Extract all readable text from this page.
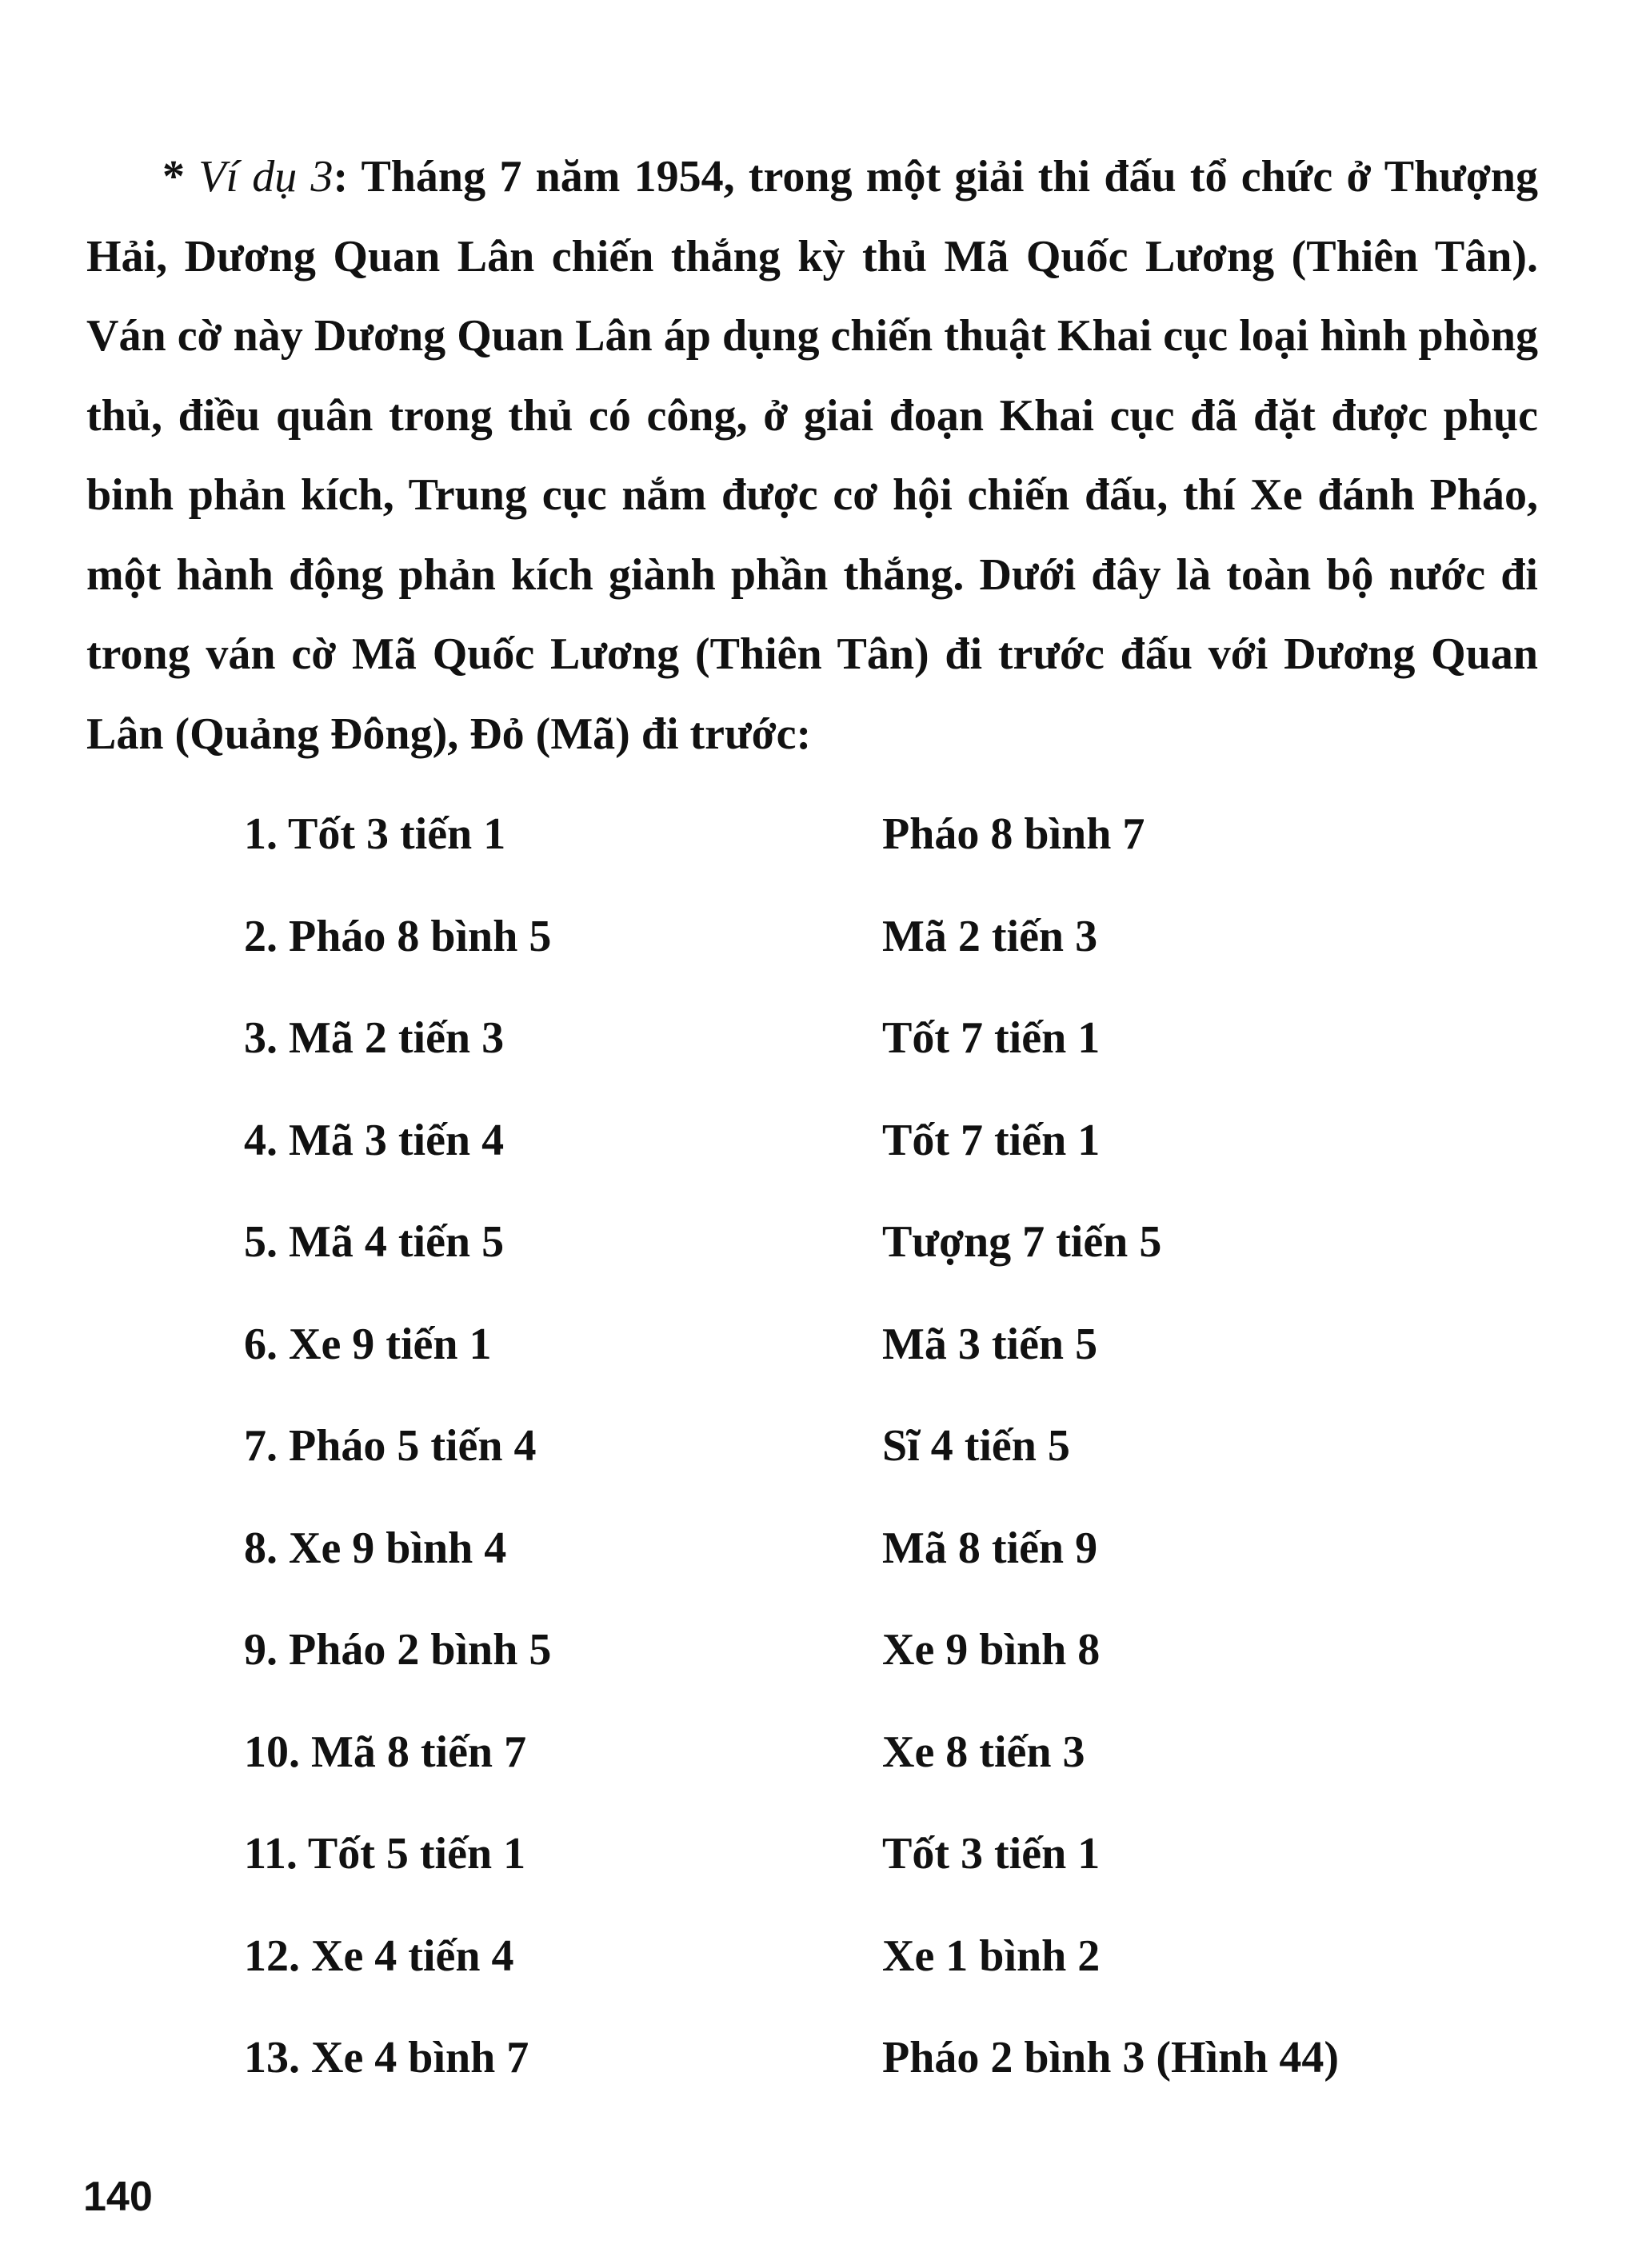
* Ví dụ 3: Tháng 7 năm 1954, trong một giải thi đấu tổ chức ở Thượng Hải, Dương Quan Lân chiến thắng kỳ thủ Mã Quốc Lương (Thiên Tân). Ván cờ này Dương Quan Lân áp dụng chiến thuật Khai cục loại hình phòng thủ, điều quân trong thủ có công, ở giai đoạn Khai cục đã đặt được phục binh phản kích, Trung cục nắm được cơ hội chiến đấu, thí Xe đánh Pháo, một hành động phản kích giành phần thắng. Dưới đây là toàn bộ nước đi trong ván cờ Mã Quốc Lương (Thiên Tân) đi trước đấu với Dương Quan Lân (Quảng Đông), Đỏ (Mã) đi trước:

1. Tốt 3 tiến 1	Pháo 8 bình 7
2. Pháo 8 bình 5	Mã 2 tiến 3
3. Mã 2 tiến 3	Tốt 7 tiến 1
4. Mã 3 tiến 4	Tốt 7 tiến 1
5. Mã 4 tiến 5	Tượng 7 tiến 5
6. Xe 9 tiến 1	Mã 3 tiến 5
7. Pháo 5 tiến 4	Sĩ 4 tiến 5
8. Xe 9 bình 4	Mã 8 tiến 9
9. Pháo 2 bình 5	Xe 9 bình 8
10. Mã 8 tiến 7	Xe 8 tiến 3
11. Tốt 5 tiến 1	Tốt 3 tiến 1
12. Xe 4 tiến 4	Xe 1 bình 2
13. Xe 4 bình 7	Pháo 2 bình 3 (Hình 44)
140
